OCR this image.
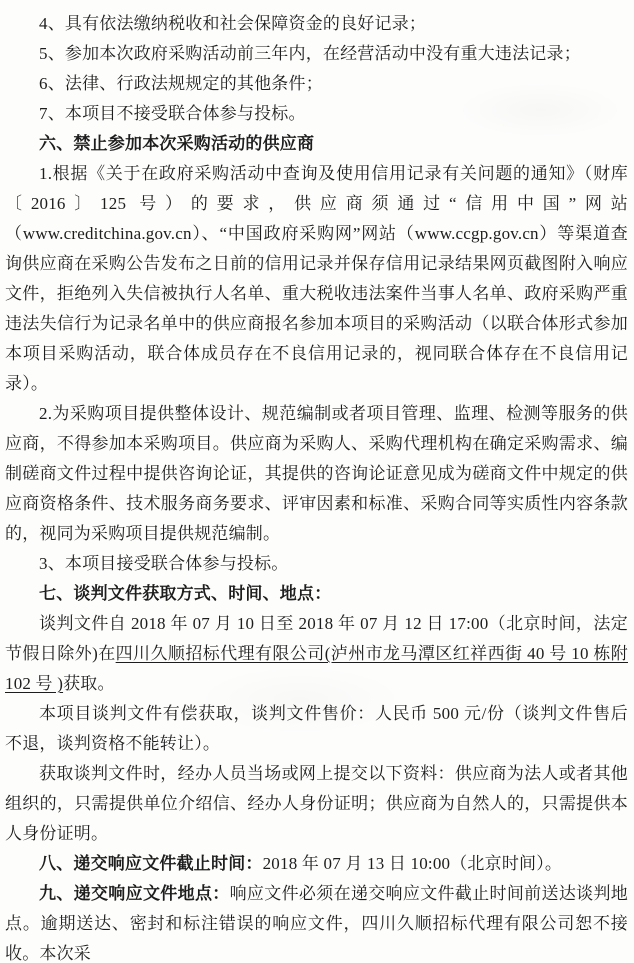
4、具有依法缴纳税收和社会保障资金的良好记录；

5、参加本次政府采购活动前三年内，在经营活动中没有重大违法记录；

6、法律、行政法规规定的其他条件；

7、本项目不接受联合体参与投标。

六、禁止参加本次采购活动的供应商

1.根据《关于在政府采购活动中查询及使用信用记录有关问题的通知》（财库〔2016〕125 号）的要求，供应商须通过“信用中国”网站（www.creditchina.gov.cn）、“中国政府采购网”网站（www.ccgp.gov.cn）等渠道查询供应商在采购公告发布之日前的信用记录并保存信用记录结果网页截图附入响应文件，拒绝列入失信被执行人名单、重大税收违法案件当事人名单、政府采购严重违法失信行为记录名单中的供应商报名参加本项目的采购活动（以联合体形式参加本项目采购活动，联合体成员存在不良信用记录的，视同联合体存在不良信用记录）。

2.为采购项目提供整体设计、规范编制或者项目管理、监理、检测等服务的供应商，不得参加本采购项目。供应商为采购人、采购代理机构在确定采购需求、编制磋商文件过程中提供咨询论证，其提供的咨询论证意见成为磋商文件中规定的供应商资格条件、技术服务商务要求、评审因素和标准、采购合同等实质性内容条款的，视同为采购项目提供规范编制。

3、本项目接受联合体参与投标。

七、谈判文件获取方式、时间、地点：

谈判文件自 2018 年 07 月 10 日至 2018 年 07 月 12 日 17:00（北京时间，法定节假日除外)在四川久顺招标代理有限公司(泸州市龙马潭区红祥西街 40 号 10 栋附 102 号 )获取。

本项目谈判文件有偿获取，谈判文件售价：人民币 500 元/份（谈判文件售后不退，谈判资格不能转让）。

获取谈判文件时，经办人员当场或网上提交以下资料：供应商为法人或者其他组织的，只需提供单位介绍信、经办人身份证明；供应商为自然人的，只需提供本人身份证明。

八、递交响应文件截止时间：2018 年 07 月 13 日 10:00（北京时间）。

九、递交响应文件地点：响应文件必须在递交响应文件截止时间前送达谈判地点。逾期送达、密封和标注错误的响应文件，四川久顺招标代理有限公司恕不接收。本次采
